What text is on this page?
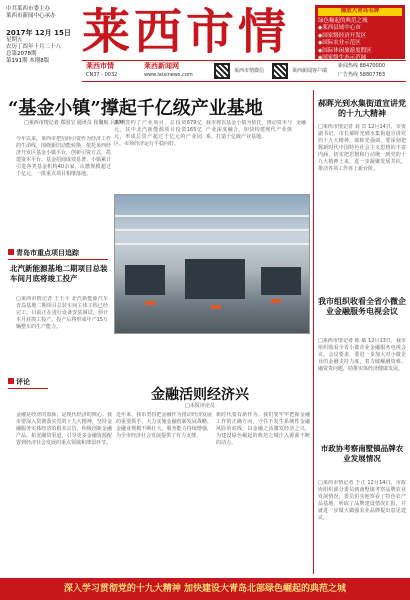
中共莱西市委主办
莱西市新闻中心承办
2017年 12月 15日
星期五
农历丁酉年十月二十八
总第2078期
第191期 本期8版
莱西市情	播放大青岛名牌
绿色崛起的典范之城
◆莱西县域中心市
◆国家级经济开发区
◆国际农业示范区
◆国际休闲旅游度假区
◆国家级生态示范城
莱西市情
CN37 - 0032
莱西新闻网
www.laixinews.com
莱西市情微信	莱西新闻客户端
新闻热线 88470000
广告热线 58807783
“基金小镇”撑起千亿级产业基地
□莱西市情记者 郑国宝 通讯员 崔馨航 吕树明
今年以来，莱西市把招商引资作为经济工作的生命线，围绕新旧动能转换，依托莱西经济开发区基金小镇平台，创新引资方式，搭建资本平台，基金招商成效显著。小镇累计引进各类基金机构40余家，认缴规模超过千亿元，一批重点项目相继落地。
集中签约了产业项目，总投资679亿元，其中北汽新能源项目投资165亿元，形成总资产超过千亿元的产业园区。市场经济运行平稳向好。
我市将以基金小镇为依托，推动资本与产业深度融合，加快构建现代产业体系，打造千亿级产业基地。
金融
郝晖光到水集街道宣讲党的十九大精神
□莱西市情记者 刘 宾 12月14日，市委副书记、市长郝晖光到水集街道宣讲党的十九大精神。郝晖光强调，要深刻把握新时代中国特色社会主义思想的丰富内涵，切实把思想和行动统一到党的十九大精神上来，进一步凝聚发展共识，推动各项工作再上新台阶。
我市组织收看全省小微企业金融服务电视会议
□莱西市情记者 陈 敏 12月13日，我市组织收看全省小微企业金融服务电视会议。会议要求，要进一步加大对小微企业的金融支持力度，着力破解融资难、融资贵问题，助推实体经济健康发展。
市政协考察南墅镇品牌农业发展情况
□莱西市情记者 于正 12月14日，市政协组织部分委员到南墅镇考察品牌农业发展情况。委员们实地察看了特色农产品基地，听取了品牌建设情况汇报，并就进一步做大做强农业品牌提出意见建议。
青岛市重点项目追踪
北汽新能源基地二期项目总装车间月底将竣工投产
□莱西市情记者 王玉平 北汽新能源汽车青岛基地二期项目总装车间主体工程已经完工，目前正在进行设备安装调试，预计本月底竣工投产，投产后将形成年产15万辆整车的生产能力。
评论
金融活则经济兴
□本报评论员
金融是经济的血脉，是现代经济的核心。我市要深入贯彻落实党的十九大精神，坚持金融服务实体经济的根本宗旨，积极创新金融产品，拓宽融资渠道，引导更多金融资源配置到经济社会发展的重点领域和薄弱环节。
近年来，我市坚持把金融作为推动经济发展的重要抓手，大力实施金融创新发展战略，金融业规模不断壮大，服务能力持续增强，为全市经济社会发展提供了有力支撑。
新时代要有新作为。我们要牢牢把握金融工作的正确方向，守住不发生系统性金融风险的底线，以金融之活激发经济之兴，为建设绿色崛起的典范之城注入源源不断的动力。
深入学习贯彻党的十九大精神 加快建设大青岛北部绿色崛起的典范之城
